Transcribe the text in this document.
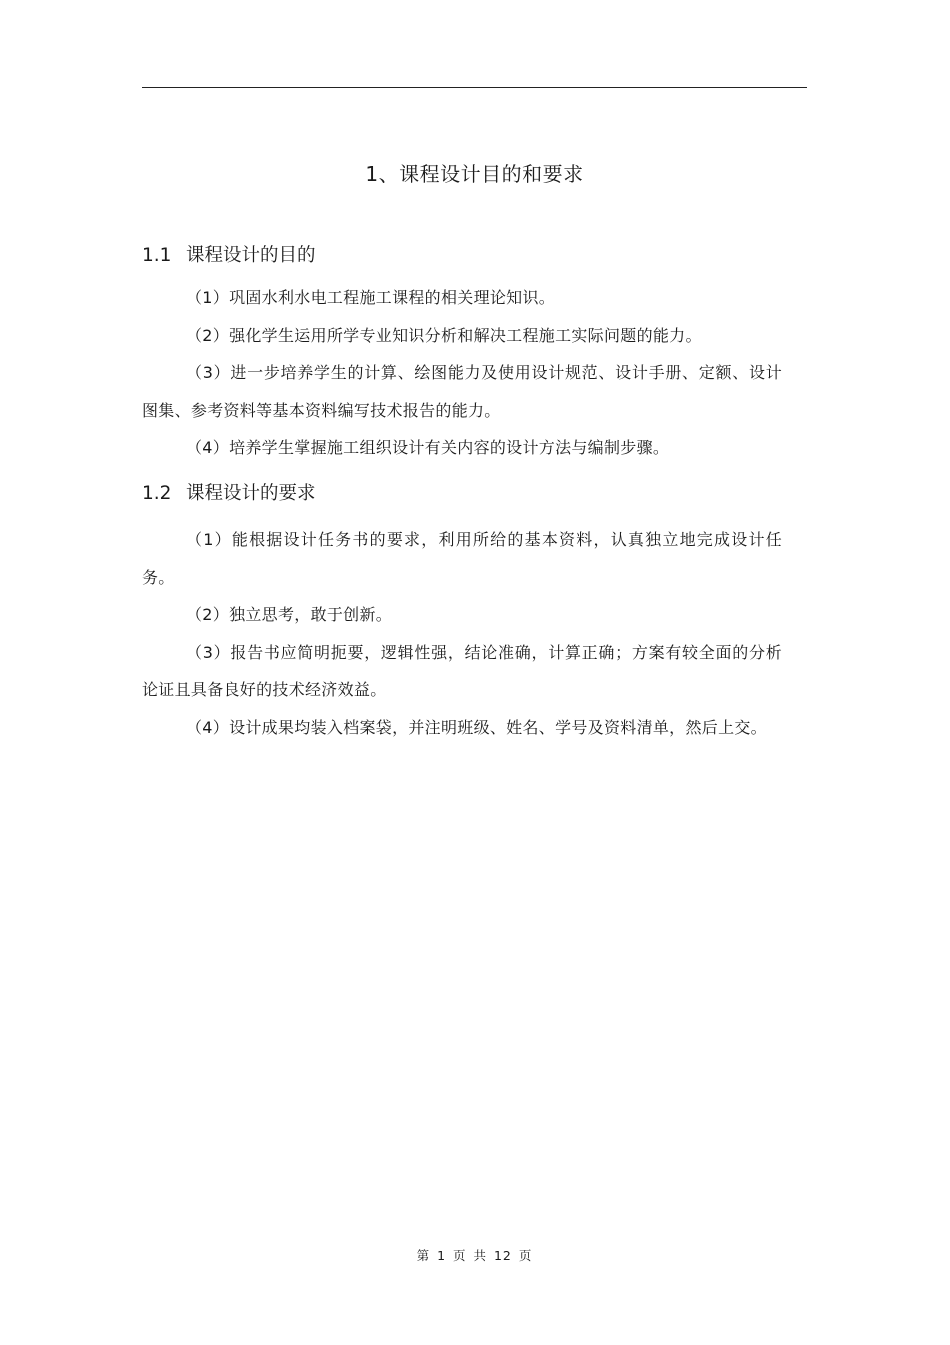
1、课程设计目的和要求
1.1 课程设计的目的

（1）巩固水利水电工程施工课程的相关理论知识。

（2）强化学生运用所学专业知识分析和解决工程施工实际问题的能力。

（3）进一步培养学生的计算、绘图能力及使用设计规范、设计手册、定额、设计图集、参考资料等基本资料编写技术报告的能力。

（4）培养学生掌握施工组织设计有关内容的设计方法与编制步骤。

1.2 课程设计的要求

（1）能根据设计任务书的要求，利用所给的基本资料，认真独立地完成设计任务。

（2）独立思考，敢于创新。

（3）报告书应简明扼要，逻辑性强，结论准确，计算正确；方案有较全面的分析论证且具备良好的技术经济效益。

（4）设计成果均装入档案袋，并注明班级、姓名、学号及资料清单，然后上交。

第 1 页 共 12 页
